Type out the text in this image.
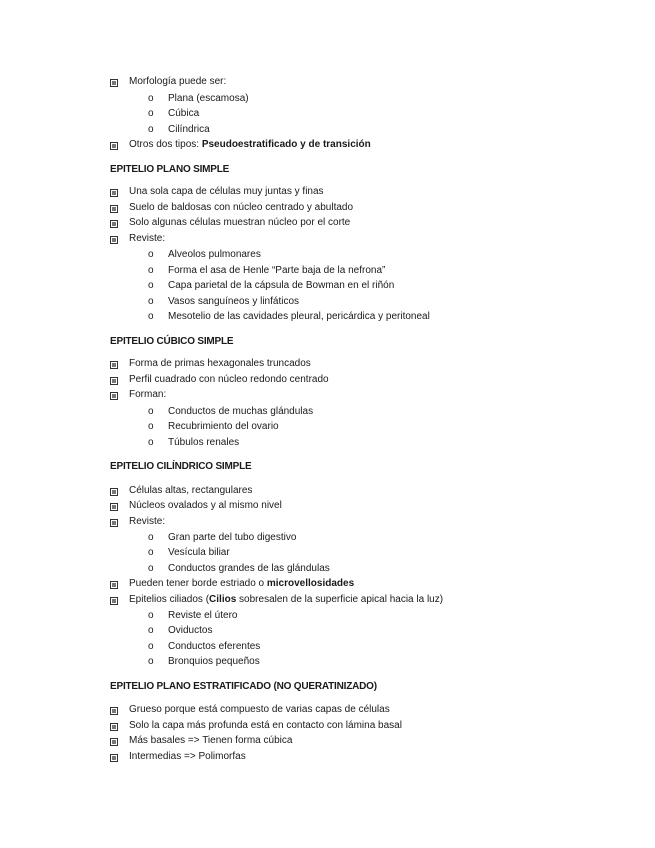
Morfología puede ser:
o Plana (escamosa)
o Cúbica
o Cilíndrica
Otros dos tipos: Pseudoestratificado y de transición
EPITELIO PLANO SIMPLE
Una sola capa de células muy juntas y finas
Suelo de baldosas con núcleo centrado y abultado
Solo algunas células muestran núcleo por el corte
Reviste:
o Alveolos pulmonares
o Forma el asa de Henle “Parte baja de la nefrona”
o Capa parietal de la cápsula de Bowman en el riñón
o Vasos sanguíneos y linfáticos
o Mesotelio de las cavidades pleural, pericárdica y peritoneal
EPITELIO CÚBICO SIMPLE
Forma de primas hexagonales truncados
Perfil cuadrado con núcleo redondo centrado
Forman:
o Conductos de muchas glándulas
o Recubrimiento del ovario
o Túbulos renales
EPITELIO CILÍNDRICO SIMPLE
Células altas, rectangulares
Núcleos ovalados y al mismo nivel
Reviste:
o Gran parte del tubo digestivo
o Vesícula biliar
o Conductos grandes de las glándulas
Pueden tener borde estriado o microvellosidades
Epitelios ciliados (Cilios sobresalen de la superficie apical hacia la luz)
o Reviste el útero
o Oviductos
o Conductos eferentes
o Bronquios pequeños
EPITELIO PLANO ESTRATIFICADO (NO QUERATINIZADO)
Grueso porque está compuesto de varias capas de células
Solo la capa más profunda está en contacto con lámina basal
Más basales => Tienen forma cúbica
Intermedias => Polimorfas
